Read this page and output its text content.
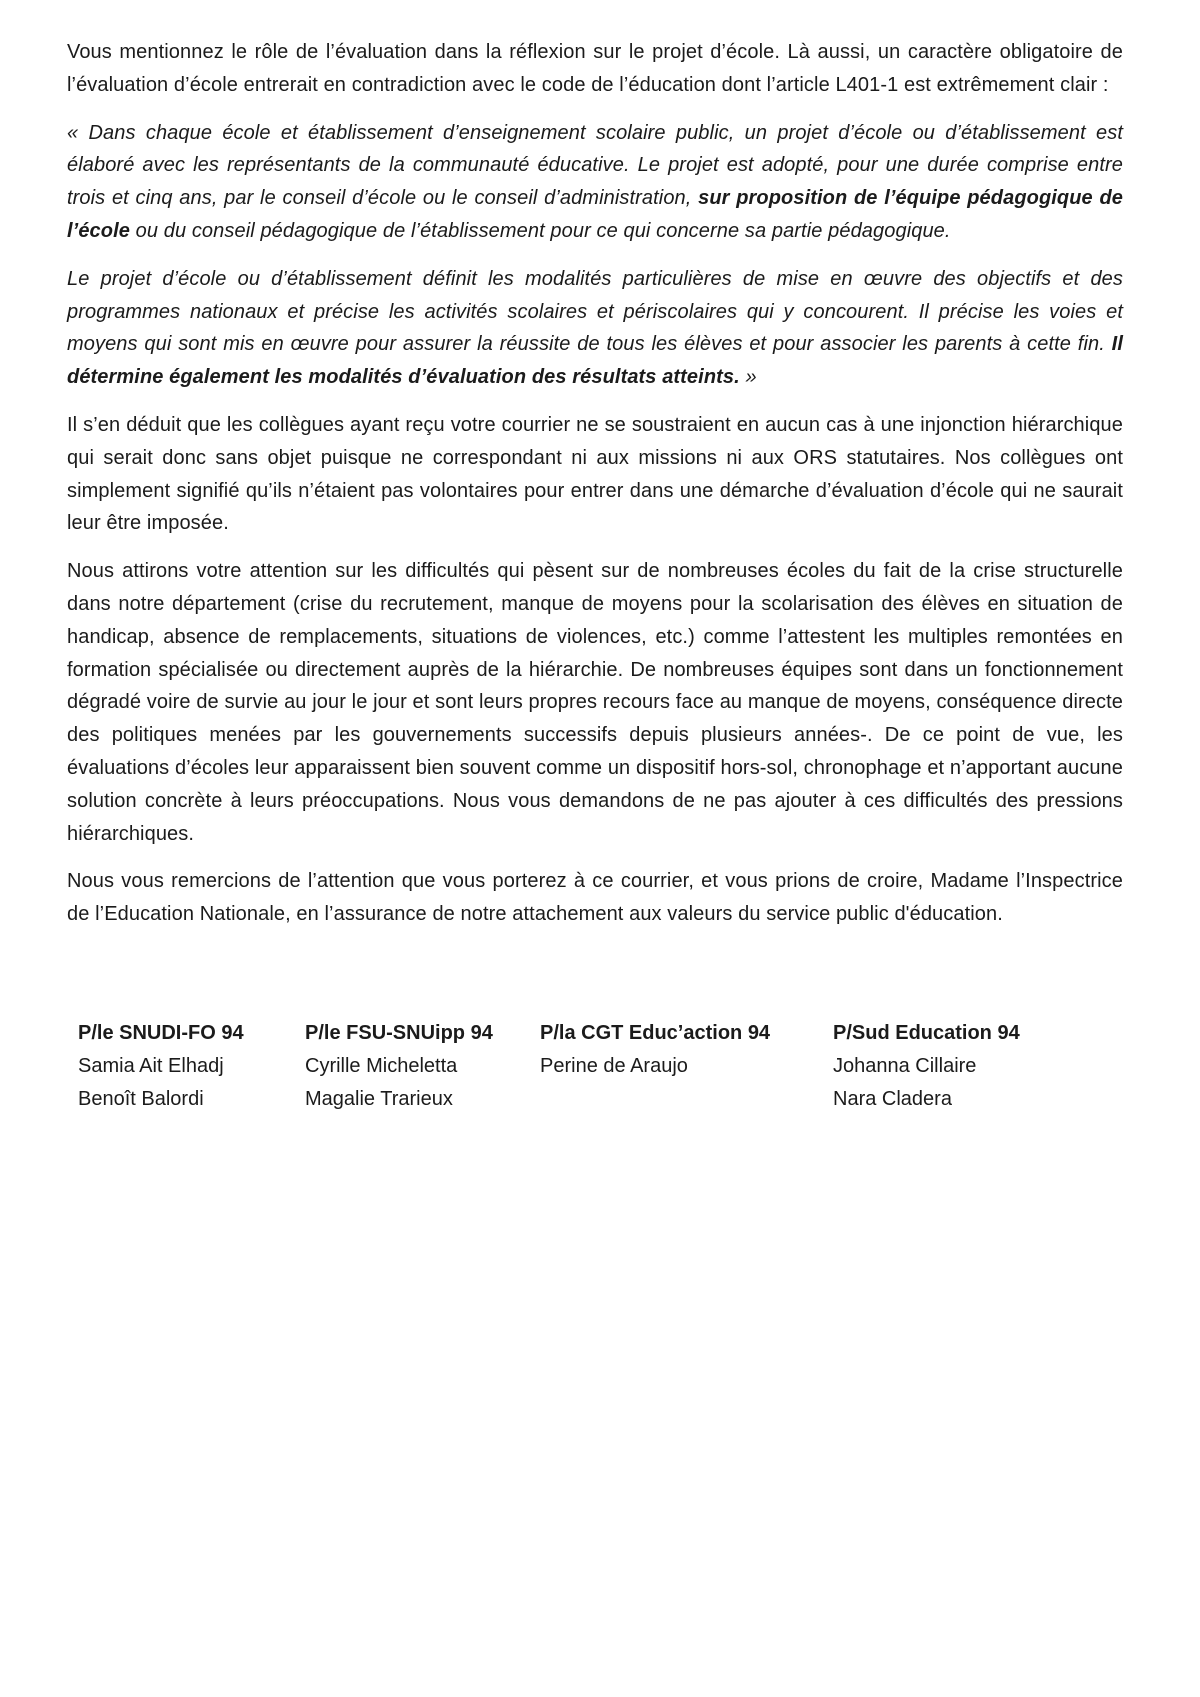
Vous mentionnez le rôle de l’évaluation dans la réflexion sur le projet d’école. Là aussi, un caractère obligatoire de l’évaluation d’école entrerait en contradiction avec le code de l’éducation dont l’article L401-1 est extrêmement clair :

« Dans chaque école et établissement d’enseignement scolaire public, un projet d’école ou d’établissement est élaboré avec les représentants de la communauté éducative. Le projet est adopté, pour une durée comprise entre trois et cinq ans, par le conseil d’école ou le conseil d’administration, sur proposition de l’équipe pédagogique de l’école ou du conseil pédagogique de l’établissement pour ce qui concerne sa partie pédagogique.

Le projet d’école ou d’établissement définit les modalités particulières de mise en œuvre des objectifs et des programmes nationaux et précise les activités scolaires et périscolaires qui y concourent. Il précise les voies et moyens qui sont mis en œuvre pour assurer la réussite de tous les élèves et pour associer les parents à cette fin. Il détermine également les modalités d’évaluation des résultats atteints. »

Il s’en déduit que les collègues ayant reçu votre courrier ne se soustraient en aucun cas à une injonction hiérarchique qui serait donc sans objet puisque ne correspondant ni aux missions ni aux ORS statutaires. Nos collègues ont simplement signifié qu’ils n’étaient pas volontaires pour entrer dans une démarche d’évaluation d’école qui ne saurait leur être imposée.

Nous attirons votre attention sur les difficultés qui pèsent sur de nombreuses écoles du fait de la crise structurelle dans notre département (crise du recrutement, manque de moyens pour la scolarisation des élèves en situation de handicap, absence de remplacements, situations de violences, etc.) comme l’attestent les multiples remontées en formation spécialisée ou directement auprès de la hiérarchie. De nombreuses équipes sont dans un fonctionnement dégradé voire de survie au jour le jour et sont leurs propres recours face au manque de moyens, conséquence directe des politiques menées par les gouvernements successifs depuis plusieurs années-. De ce point de vue, les évaluations d’écoles leur apparaissent bien souvent comme un dispositif hors-sol, chronophage et n’apportant aucune solution concrète à leurs préoccupations. Nous vous demandons de ne pas ajouter à ces difficultés des pressions hiérarchiques.

Nous vous remercions de l’attention que vous porterez à ce courrier, et vous prions de croire, Madame l’Inspectrice de l’Education Nationale, en l’assurance de notre attachement aux valeurs du service public d'éducation.

P/le SNUDI-FO 94
Samia Ait Elhadj
Benoît Balordi
P/le FSU-SNUipp 94
Cyrille Micheletta
Magalie Trarieux
P/la CGT Educ’action 94
Perine de Araujo
P/Sud Education 94
Johanna Cillaire
Nara Cladera
